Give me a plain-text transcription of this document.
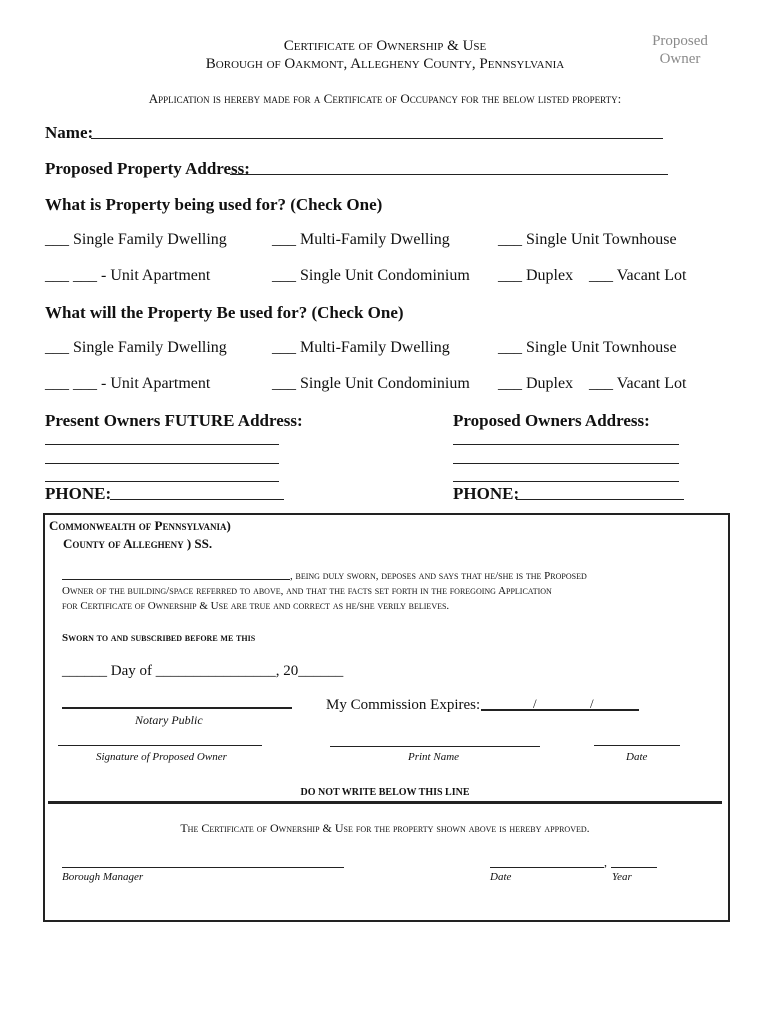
Proposed
Owner
Certificate of Ownership & Use
Borough of Oakmont, Allegheny County, Pennsylvania
Application is hereby made for a Certificate of Occupancy for the below listed property:
Name:
Proposed Property Address:
What is Property being used for? (Check One)
___ Single Family Dwelling	___ Multi-Family Dwelling	___ Single Unit Townhouse
___ ___ - Unit Apartment	___ Single Unit Condominium ___ Duplex ___ Vacant Lot
What will the Property Be used for? (Check One)
___ Single Family Dwelling	___ Multi-Family Dwelling	___ Single Unit Townhouse
___ ___ - Unit Apartment	___ Single Unit Condominium ___ Duplex ___ Vacant Lot
Present Owners FUTURE Address:	Proposed Owners Address:
PHONE:	PHONE:
Commonwealth of Pennsylvania)
County of Allegheny ) SS.
, being duly sworn, deposes and says that he/she is the Proposed
Owner of the building/space referred to above, and that the facts set forth in the foregoing Application
for Certificate of Ownership & Use are true and correct as he/she verily believes.
Sworn to and subscribed before me this
______ Day of ________________, 20______
Notary Public
My Commission Expires:	/	/
Signature of Proposed Owner	Print Name	Date
DO NOT WRITE BELOW THIS LINE
The Certificate of Ownership & Use for the property shown above is hereby approved.
Borough Manager
,
Date	Year
